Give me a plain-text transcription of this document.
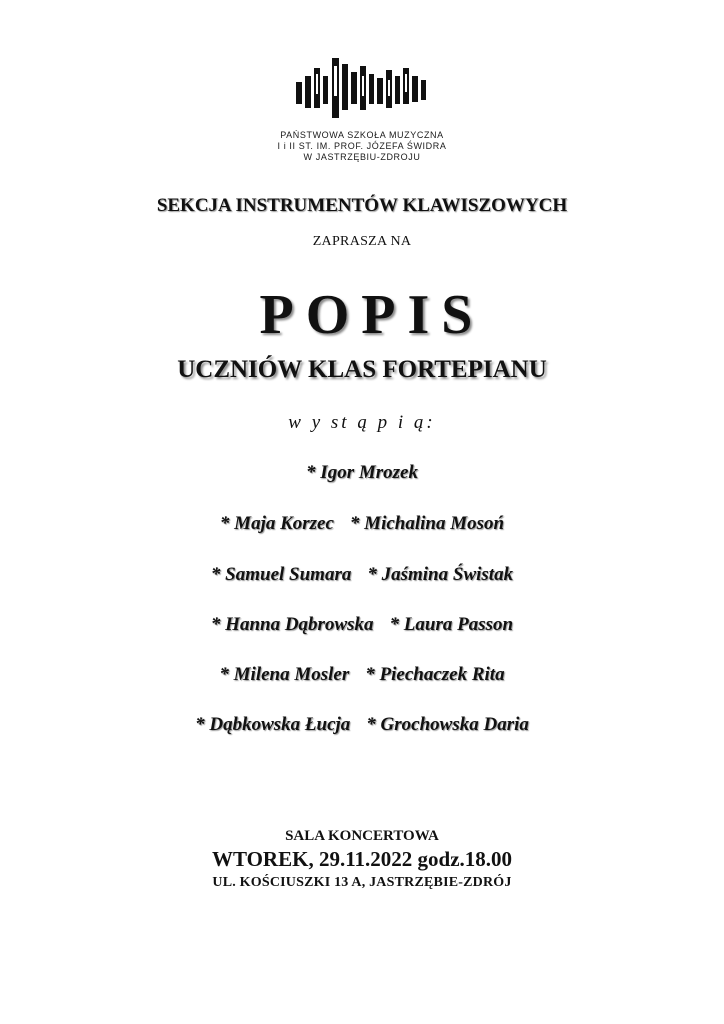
PAŃSTWOWA SZKOŁA MUZYCZNA
I i II ST. IM. PROF. JÓZEFA ŚWIDRA
W JASTRZĘBIU-ZDROJU
SEKCJA INSTRUMENTÓW KLAWISZOWYCH
ZAPRASZA NA
POPIS
UCZNIÓW KLAS FORTEPIANU
w y st ą p i ą:
* Igor Mrozek
* Maja Korzec * Michalina Mosoń
* Samuel Sumara * Jaśmina Świstak
* Hanna Dąbrowska * Laura Passon
* Milena Mosler * Piechaczek Rita
* Dąbkowska Łucja * Grochowska Daria
SALA KONCERTOWA
WTOREK, 29.11.2022 godz.18.00
UL. KOŚCIUSZKI 13 A, JASTRZĘBIE-ZDRÓJ
